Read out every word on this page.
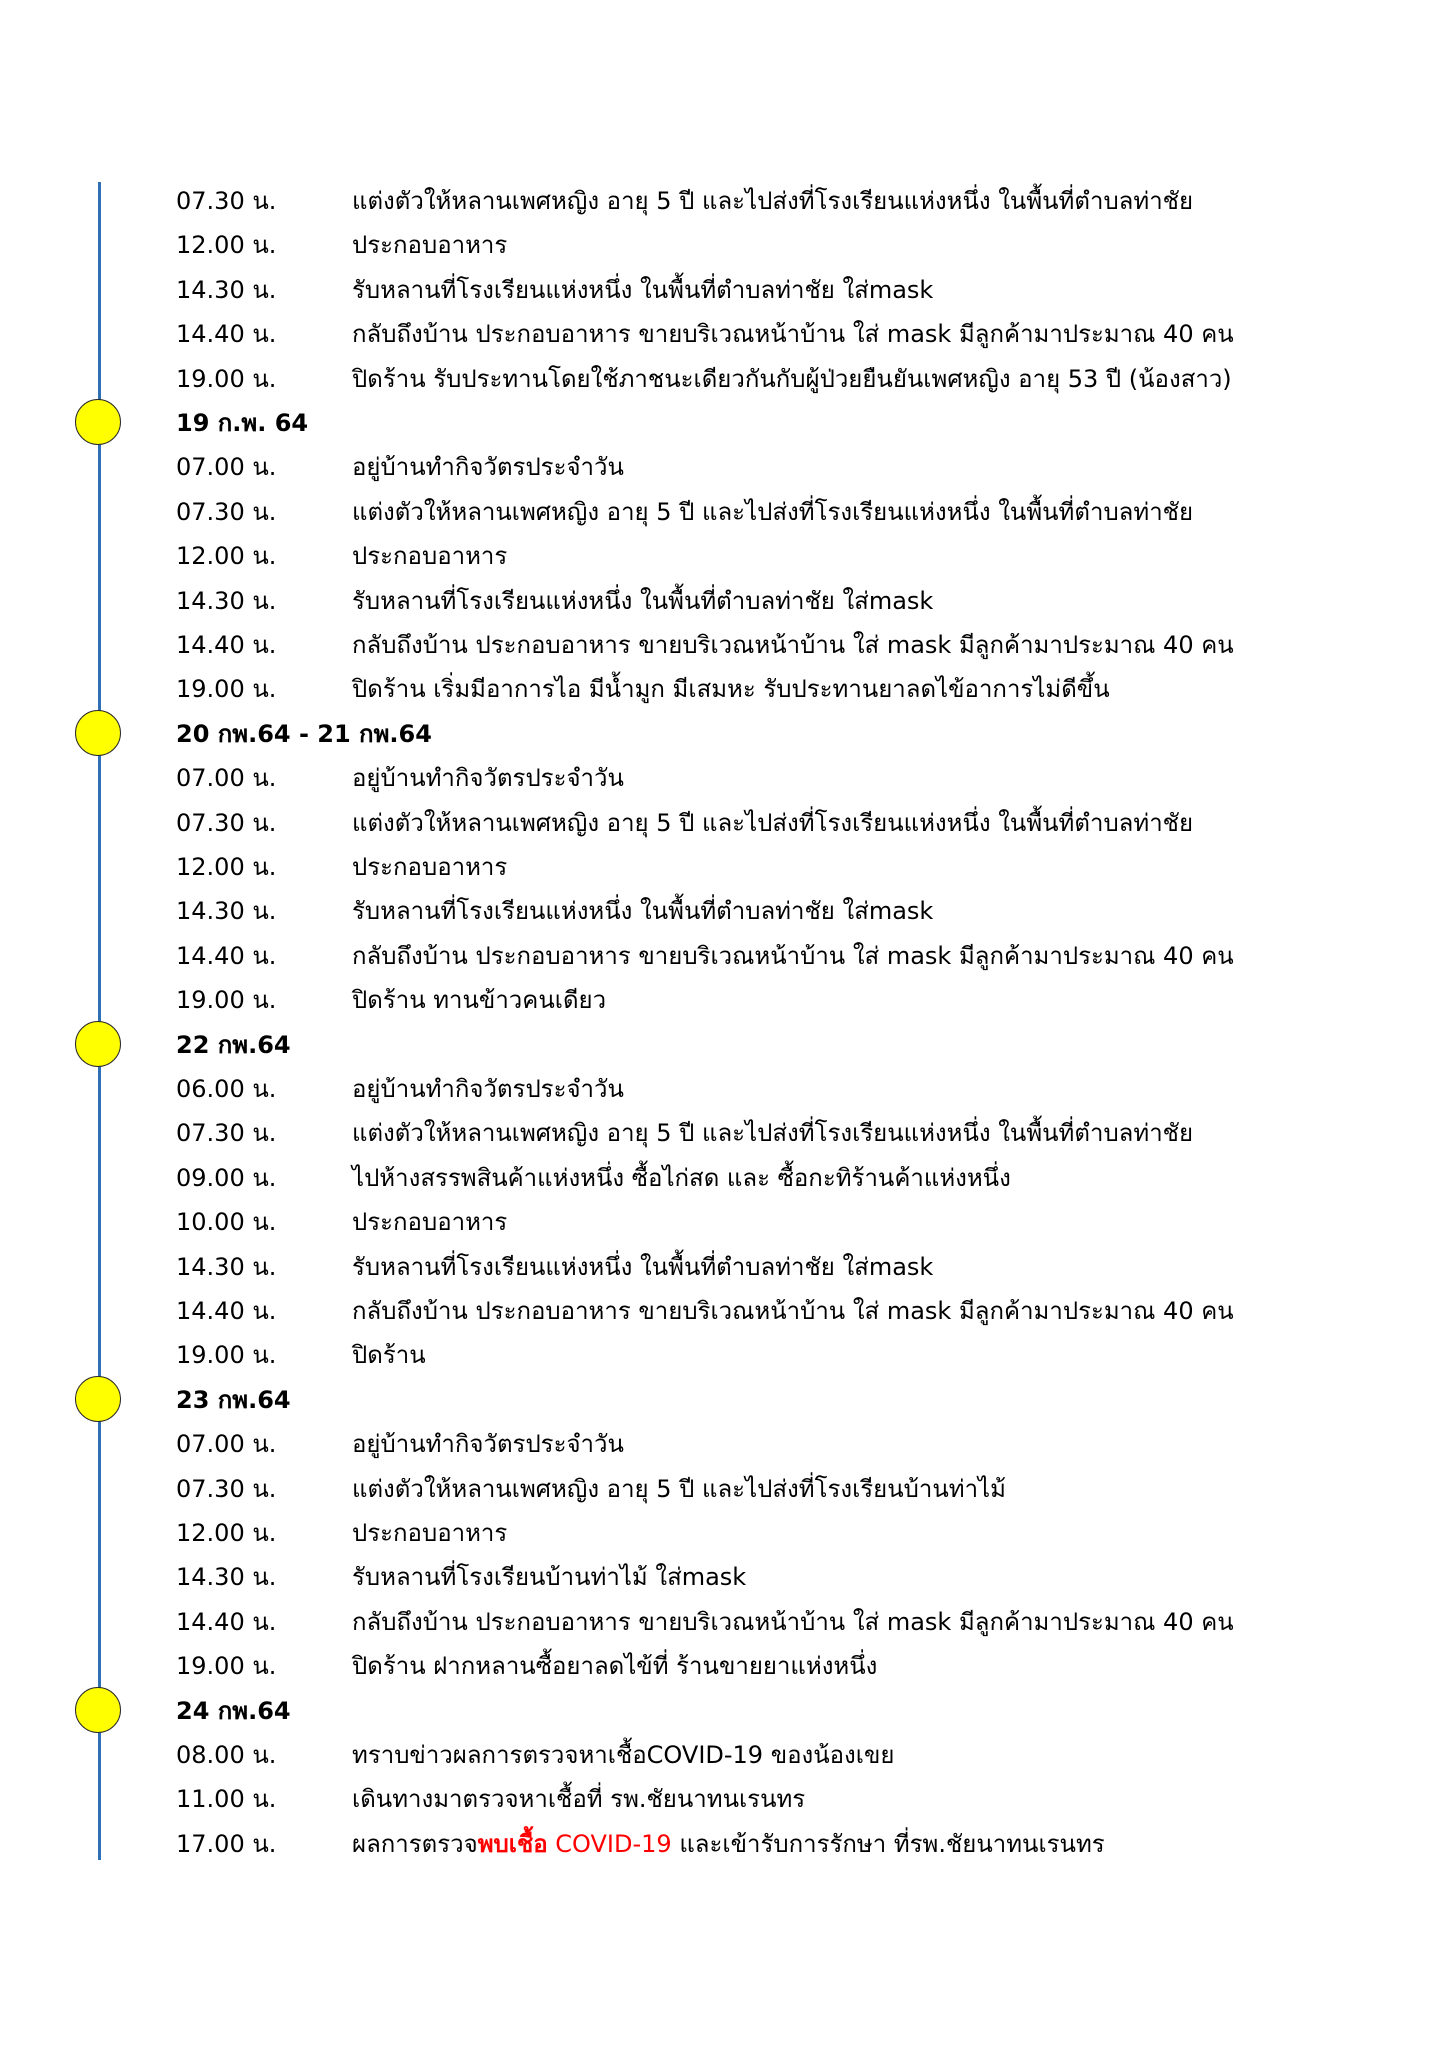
07.30 น.	แต่งตัวให้หลานเพศหญิง อายุ 5 ปี และไปส่งที่โรงเรียนแห่งหนึ่ง ในพื้นที่ตำบลท่าชัย
12.00 น.	ประกอบอาหาร
14.30 น.	รับหลานที่โรงเรียนแห่งหนึ่ง ในพื้นที่ตำบลท่าชัย ใส่mask
14.40 น.	กลับถึงบ้าน ประกอบอาหาร ขายบริเวณหน้าบ้าน ใส่ mask มีลูกค้ามาประมาณ 40 คน
19.00 น.	ปิดร้าน รับประทานโดยใช้ภาชนะเดียวกันกับผู้ป่วยยืนยันเพศหญิง อายุ 53 ปี (น้องสาว)
19 ก.พ. 64
07.00 น.	อยู่บ้านทำกิจวัตรประจำวัน
07.30 น.	แต่งตัวให้หลานเพศหญิง อายุ 5 ปี และไปส่งที่โรงเรียนแห่งหนึ่ง ในพื้นที่ตำบลท่าชัย
12.00 น.	ประกอบอาหาร
14.30 น.	รับหลานที่โรงเรียนแห่งหนึ่ง ในพื้นที่ตำบลท่าชัย ใส่mask
14.40 น.	กลับถึงบ้าน ประกอบอาหาร ขายบริเวณหน้าบ้าน ใส่ mask มีลูกค้ามาประมาณ 40 คน
19.00 น.	ปิดร้าน เริ่มมีอาการไอ มีน้ำมูก มีเสมหะ รับประทานยาลดไข้อาการไม่ดีขึ้น
20 กพ.64 - 21 กพ.64
07.00 น.	อยู่บ้านทำกิจวัตรประจำวัน
07.30 น.	แต่งตัวให้หลานเพศหญิง อายุ 5 ปี และไปส่งที่โรงเรียนแห่งหนึ่ง ในพื้นที่ตำบลท่าชัย
12.00 น.	ประกอบอาหาร
14.30 น.	รับหลานที่โรงเรียนแห่งหนึ่ง ในพื้นที่ตำบลท่าชัย ใส่mask
14.40 น.	กลับถึงบ้าน ประกอบอาหาร ขายบริเวณหน้าบ้าน ใส่ mask มีลูกค้ามาประมาณ 40 คน
19.00 น.	ปิดร้าน ทานข้าวคนเดียว
22 กพ.64
06.00 น.	อยู่บ้านทำกิจวัตรประจำวัน
07.30 น.	แต่งตัวให้หลานเพศหญิง อายุ 5 ปี และไปส่งที่โรงเรียนแห่งหนึ่ง ในพื้นที่ตำบลท่าชัย
09.00 น.	ไปห้างสรรพสินค้าแห่งหนึ่ง ซื้อไก่สด และ ซื้อกะทิร้านค้าแห่งหนึ่ง
10.00 น.	ประกอบอาหาร
14.30 น.	รับหลานที่โรงเรียนแห่งหนึ่ง ในพื้นที่ตำบลท่าชัย ใส่mask
14.40 น.	กลับถึงบ้าน ประกอบอาหาร ขายบริเวณหน้าบ้าน ใส่ mask มีลูกค้ามาประมาณ 40 คน
19.00 น.	ปิดร้าน
23 กพ.64
07.00 น.	อยู่บ้านทำกิจวัตรประจำวัน
07.30 น.	แต่งตัวให้หลานเพศหญิง อายุ 5 ปี และไปส่งที่โรงเรียนบ้านท่าไม้
12.00 น.	ประกอบอาหาร
14.30 น.	รับหลานที่โรงเรียนบ้านท่าไม้ ใส่mask
14.40 น.	กลับถึงบ้าน ประกอบอาหาร ขายบริเวณหน้าบ้าน ใส่ mask มีลูกค้ามาประมาณ 40 คน
19.00 น.	ปิดร้าน ฝากหลานซื้อยาลดไข้ที่ ร้านขายยาแห่งหนึ่ง
24 กพ.64
08.00 น.	ทราบข่าวผลการตรวจหาเชื้อCOVID-19 ของน้องเขย
11.00 น.	เดินทางมาตรวจหาเชื้อที่ รพ.ชัยนาทนเรนทร
17.00 น.	ผลการตรวจพบเชื้อ COVID-19 และเข้ารับการรักษา ที่รพ.ชัยนาทนเรนทร
